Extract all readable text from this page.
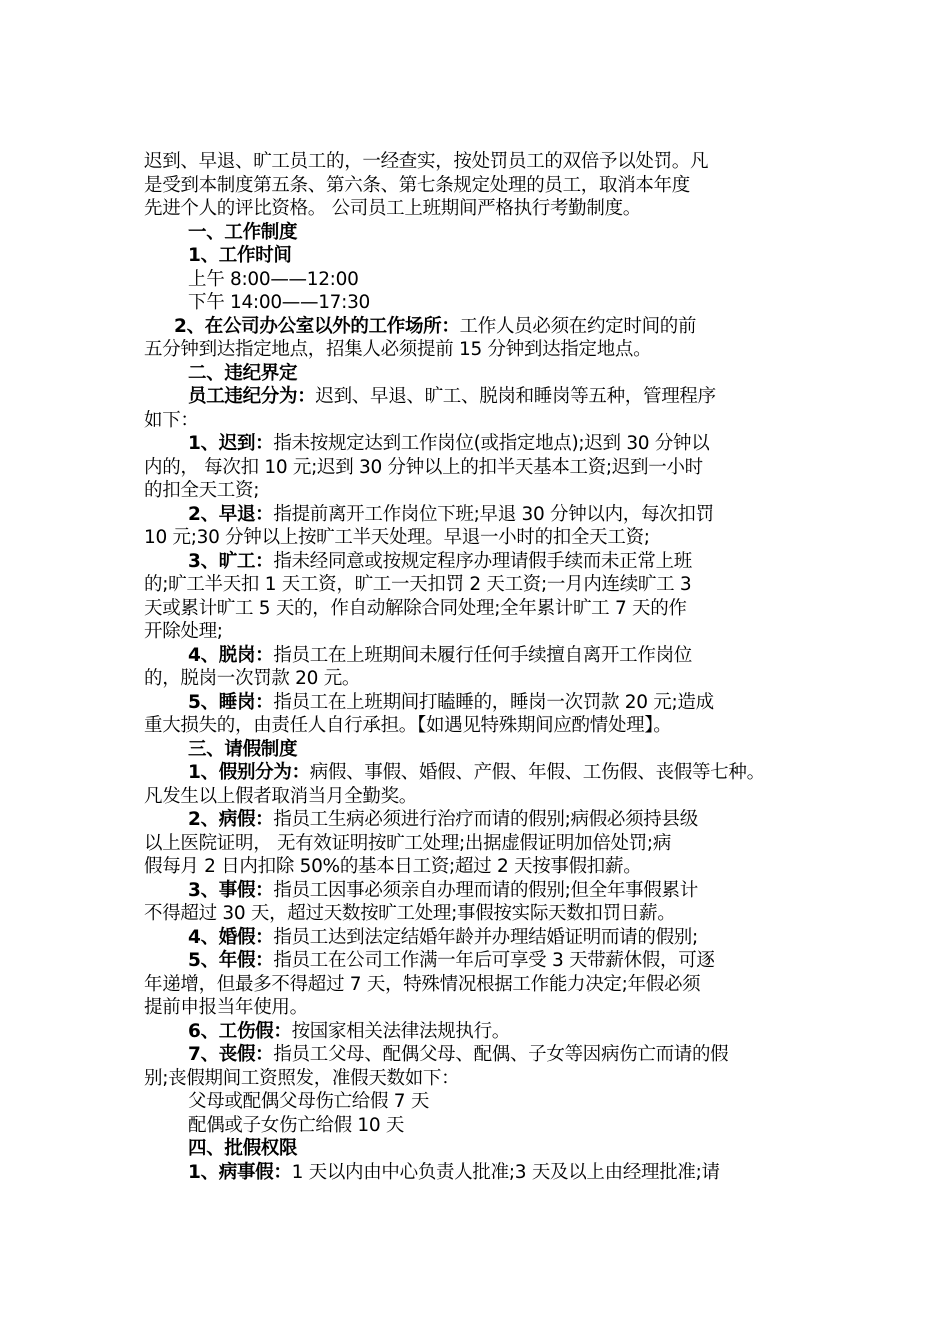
迟到、早退、旷工员工的，一经查实，按处罚员工的双倍予以处罚。凡
是受到本制度第五条、第六条、第七条规定处理的员工，取消本年度
先进个人的评比资格。 公司员工上班期间严格执行考勤制度。
一、工作制度
1、工作时间
上午 8:00——12:00
下午 14:00——17:30
2、在公司办公室以外的工作场所：工作人员必须在约定时间的前
五分钟到达指定地点，招集人必须提前 15 分钟到达指定地点。
二、违纪界定
员工违纪分为：迟到、早退、旷工、脱岗和睡岗等五种，管理程序
如下：
1、迟到：指未按规定达到工作岗位(或指定地点);迟到 30 分钟以
内的， 每次扣 10 元;迟到 30 分钟以上的扣半天基本工资;迟到一小时
的扣全天工资;
2、早退：指提前离开工作岗位下班;早退 30 分钟以内，每次扣罚
10 元;30 分钟以上按旷工半天处理。早退一小时的扣全天工资;
3、旷工：指未经同意或按规定程序办理请假手续而未正常上班
的;旷工半天扣 1 天工资，旷工一天扣罚 2 天工资;一月内连续旷工 3
天或累计旷工 5 天的，作自动解除合同处理;全年累计旷工 7 天的作
开除处理;
4、脱岗：指员工在上班期间未履行任何手续擅自离开工作岗位
的，脱岗一次罚款 20 元。
5、睡岗：指员工在上班期间打瞌睡的，睡岗一次罚款 20 元;造成
重大损失的，由责任人自行承担。【如遇见特殊期间应酌情处理】。
三、请假制度
1、假别分为：病假、事假、婚假、产假、年假、工伤假、丧假等七种。
凡发生以上假者取消当月全勤奖。
2、病假：指员工生病必须进行治疗而请的假别;病假必须持县级
以上医院证明， 无有效证明按旷工处理;出据虚假证明加倍处罚;病
假每月 2 日内扣除 50%的基本日工资;超过 2 天按事假扣薪。
3、事假：指员工因事必须亲自办理而请的假别;但全年事假累计
不得超过 30 天，超过天数按旷工处理;事假按实际天数扣罚日薪。
4、婚假：指员工达到法定结婚年龄并办理结婚证明而请的假别;
5、年假：指员工在公司工作满一年后可享受 3 天带薪休假，可逐
年递增，但最多不得超过 7 天，特殊情况根据工作能力决定;年假必须
提前申报当年使用。
6、工伤假：按国家相关法律法规执行。
7、丧假：指员工父母、配偶父母、配偶、子女等因病伤亡而请的假
别;丧假期间工资照发，准假天数如下：
父母或配偶父母伤亡给假 7 天
配偶或子女伤亡给假 10 天
四、批假权限
1、病事假：1 天以内由中心负责人批准;3 天及以上由经理批准;请
